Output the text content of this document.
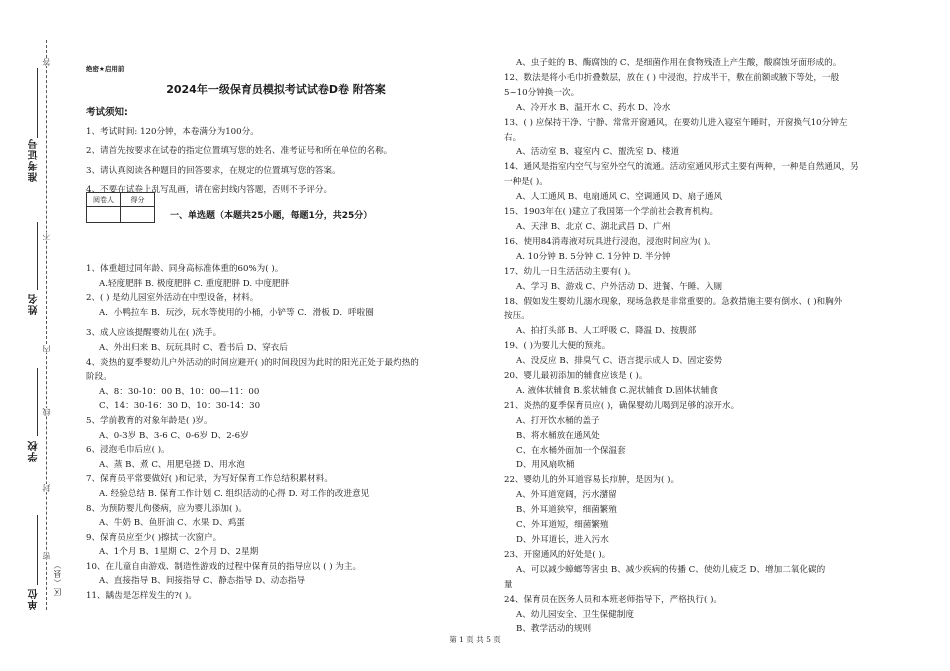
准考证号
姓名
学校
单位
区（县）
答
不
内
线
封
密

绝密★启用前

2024年一级保育员模拟考试试卷D卷 附答案

考试须知:

1、考试时间: 120分钟，本卷满分为100分。

2、请首先按要求在试卷的指定位置填写您的姓名、准考证号和所在单位的名称。

3、请认真阅读各种题目的回答要求，在规定的位置填写您的答案。

4、不要在试卷上乱写乱画，请在密封线内答题，否则不予评分。

阅卷人	得分

一、单选题（本题共25小题，每题1分，共25分）

1、体重超过同年龄、同身高标准体重的60%为( )。

A.轻度肥胖 B. 极度肥胖 C. 重度肥胖 D. 中度肥胖

2、( ) 是幼儿园室外活动在中型设备，材料。

A．小鸭拉车 B．玩沙，玩水等使用的小桶，小铲等 C．滑板 D．呼啦圈

3、成人应该提醒婴幼儿在( )洗手。

A、外出归来 B、玩玩具时 C、看书后 D、穿衣后

4、炎热的夏季婴幼儿户外活动的时间应避开( )的时间段因为此时的阳光正处于最灼热的

阶段。

A、8：30-10：00 B、10：00—11：00

C、14：30-16：30 D、10：30-14：30

5、学前教育的对象年龄是( )岁。

A、0-3岁 B、3-6 C、0-6岁 D、2-6岁

6、浸泡毛巾后应( )。

A、蒸 B、煮 C、用肥皂搓 D、用水泡

7、保育员平常要做好( )和记录，为写好保育工作总结积累材料。

A. 经验总结 B. 保育工作计划 C. 组织活动的心得 D. 对工作的改进意见

8、为预防婴儿佝偻病，应为婴儿添加( )。

A、牛奶 B、鱼肝油 C、水果 D、鸡蛋

9、保育员应至少( )擦拭一次窗户。

A、1个月 B、1星期 C、2个月 D、2星期

10、在儿童自由游戏、制造性游戏的过程中保育员的指导应以 ( ) 为主。

A、直接指导 B、间接指导 C、静态指导 D、动态指导

11、龋齿是怎样发生的?( )。

A、虫子蛀的 B、酶腐蚀的 C、是细菌作用在食物残渣上产生酸，酸腐蚀牙面形成的。

12、数法是将小毛巾折叠数层，放在 ( ) 中浸泡，拧成半干，敷在前额或腋下等处，一般

5~10分钟换一次。

A、冷开水 B、温开水 C、药水 D、冷水

13、( ) 应保持干净、宁静、常常开窗通风，在要幼儿进入寝室午睡时，开窗换气10分钟左

右。

A、活动室 B、寝室内 C、盥洗室 D、楼道

14、通风是指室内空气与室外空气的流通。活动室通风形式主要有两种，一种是自然通风，另

一种是( )。

A、人工通风 B、电扇通风 C、空调通风 D、扇子通风

15、1903年在( )建立了我国第一个学前社会教育机构。

A、天津 B、北京 C、湖北武昌 D、广州

16、使用84消毒液对玩具进行浸泡，浸泡时间应为( )。

A. 10分钟 B. 5分钟 C. 1分钟 D. 半分钟

17、幼儿一日生活活动主要有( )。

A、学习 B、游戏 C、户外活动 D、进餐、午睡、入厕

18、假如发生婴幼儿溺水现象，现场急救是非常重要的。急救措施主要有倒水、( )和胸外

按压。

A、拍打头部 B、人工呼吸 C、降温 D、按腹部

19、( )为要儿大便的预兆。

A、没反应 B、排臭气 C、语言提示成人 D、固定姿势

20、婴儿最初添加的辅食应该是 ( )。

A. 液体状辅食 B.浆状辅食 C.泥状辅食 D.固体状辅食

21、炎热的夏季保育员应( )，确保婴幼儿喝到足够的凉开水。

A、打开饮水桶的盖子

B、将水桶放在通风处

C、在水桶外面加一个保温套

D、用风扇吹桶

22、婴幼儿的外耳道容易长疖肿，是因为( )。

A、外耳道宽阔，污水潴留

B、外耳道狭窄，细菌繁殖

C、外耳道短，细菌繁殖

D、外耳道长，进入污水

23、开窗通风的好处是( )。

A、可以减少蟑螂等害虫 B、减少疾病的传播 C、使幼儿疲乏 D、增加二氧化碳的

量

24、保育员在医务人员和本班老师指导下，严格执行( )。

A、幼儿园安全、卫生保健制度

B、教学活动的规则

第 1 页 共 5 页
